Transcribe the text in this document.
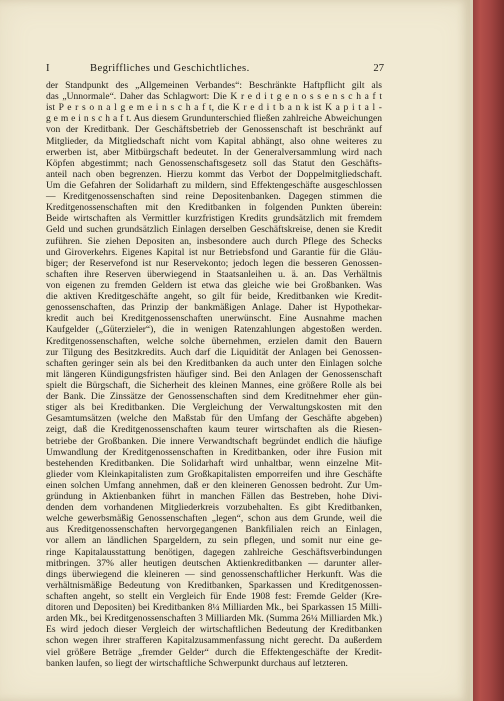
I	Begriffliches und Geschichtliches.	27
der Standpunkt des „Allgemeinen Verbandes“: Beschränkte Haftpflicht gilt als
das „Unnormale“. Daher das Schlagwort: Die K r e d i t g e n o s s e n s c h a f t
ist P e r s o n a l g e m e i n s c h a f t, die K r e d i t b a n k ist K a p i t a l -
g e m e i n s c h a f t. Aus diesem Grundunterschied fließen zahlreiche Abweichungen
von der Kreditbank. Der Geschäftsbetrieb der Genossenschaft ist beschränkt auf
Mitglieder, da Mitgliedschaft nicht vom Kapital abhängt, also ohne weiteres zu
erwerben ist, aber Mitbürgschaft bedeutet. In der Generalversammlung wird nach
Köpfen abgestimmt; nach Genossenschaftsgesetz soll das Statut den Geschäfts-
anteil nach oben begrenzen. Hierzu kommt das Verbot der Doppelmitgliedschaft.
Um die Gefahren der Solidarhaft zu mildern, sind Effektengeschäfte ausgeschlossen
— Kreditgenossenschaften sind reine Depositenbanken. Dagegen stimmen die
Kreditgenossenschaften mit den Kreditbanken in folgenden Punkten überein:
Beide wirtschaften als Vermittler kurzfristigen Kredits grundsätzlich mit fremdem
Geld und suchen grundsätzlich Einlagen derselben Geschäftskreise, denen sie Kredit
zuführen. Sie ziehen Depositen an, insbesondere auch durch Pflege des Schecks
und Giroverkehrs. Eigenes Kapital ist nur Betriebsfond und Garantie für die Gläu-
biger; der Reservefond ist nur Reservekonto; jedoch legen die besseren Genossen-
schaften ihre Reserven überwiegend in Staatsanleihen u. ä. an. Das Verhältnis
von eigenen zu fremden Geldern ist etwa das gleiche wie bei Großbanken. Was
die aktiven Kreditgeschäfte angeht, so gilt für beide, Kreditbanken wie Kredit-
genossenschaften, das Prinzip der bankmäßigen Anlage. Daher ist Hypothekar-
kredit auch bei Kreditgenossenschaften unerwünscht. Eine Ausnahme machen
Kaufgelder („Güterzieler“), die in wenigen Ratenzahlungen abgestoßen werden.
Kreditgenossenschaften, welche solche übernehmen, erzielen damit den Bauern
zur Tilgung des Besitzkredits. Auch darf die Liquidität der Anlagen bei Genossen-
schaften geringer sein als bei den Kreditbanken da auch unter den Einlagen solche
mit längeren Kündigungsfristen häufiger sind. Bei den Anlagen der Genossenschaft
spielt die Bürgschaft, die Sicherheit des kleinen Mannes, eine größere Rolle als bei
der Bank. Die Zinssätze der Genossenschaften sind dem Kreditnehmer eher gün-
stiger als bei Kreditbanken. Die Vergleichung der Verwaltungskosten mit den
Gesamtumsätzen (welche den Maßstab für den Umfang der Geschäfte abgeben)
zeigt, daß die Kreditgenossenschaften kaum teurer wirtschaften als die Riesen-
betriebe der Großbanken. Die innere Verwandtschaft begründet endlich die häufige
Umwandlung der Kreditgenossenschaften in Kreditbanken, oder ihre Fusion mit
bestehenden Kreditbanken. Die Solidarhaft wird unhaltbar, wenn einzelne Mit-
glieder vom Kleinkapitalisten zum Großkapitalisten emporreifen und ihre Geschäfte
einen solchen Umfang annehmen, daß er den kleineren Genossen bedroht. Zur Um-
gründung in Aktienbanken führt in manchen Fällen das Bestreben, hohe Divi-
denden dem vorhandenen Mitgliederkreis vorzubehalten. Es gibt Kreditbanken,
welche gewerbsmäßig Genossenschaften „legen“, schon aus dem Grunde, weil die
aus Kreditgenossenschaften hervorgegangenen Bankfilialen reich an Einlagen,
vor allem an ländlichen Spargeldern, zu sein pflegen, und somit nur eine ge-
ringe Kapitalausstattung benötigen, dagegen zahlreiche Geschäftsverbindungen
mitbringen. 37% aller heutigen deutschen Aktienkreditbanken — darunter aller-
dings überwiegend die kleineren — sind genossenschaftlicher Herkunft. Was die
verhältnismäßige Bedeutung von Kreditbanken, Sparkassen und Kreditgenossen-
schaften angeht, so stellt ein Vergleich für Ende 1908 fest: Fremde Gelder (Kre-
ditoren und Depositen) bei Kreditbanken 8¼ Milliarden Mk., bei Sparkassen 15 Milli-
arden Mk., bei Kreditgenossenschaften 3 Milliarden Mk. (Summa 26¼ Milliarden Mk.)
Es wird jedoch dieser Vergleich der wirtschaftlichen Bedeutung der Kreditbanken
schon wegen ihrer strafferen Kapitalzusammenfassung nicht gerecht. Da außerdem
viel größere Beträge „fremder Gelder“ durch die Effektengeschäfte der Kredit-
banken laufen, so liegt der wirtschaftliche Schwerpunkt durchaus auf letzteren.
